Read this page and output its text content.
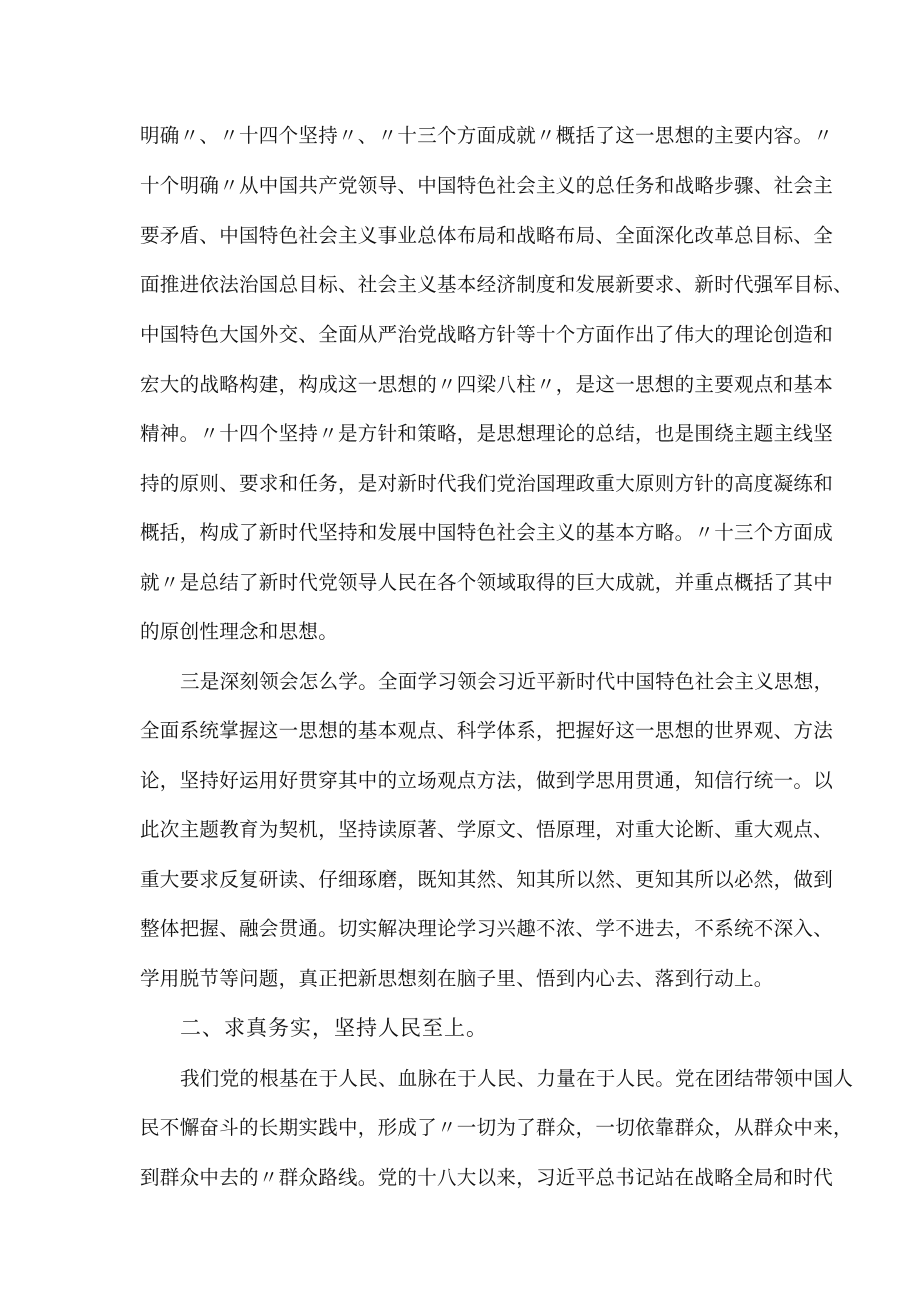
明确〃、〃十四个坚持〃、〃十三个方面成就〃概括了这一思想的主要内容。〃
十个明确〃从中国共产党领导、中国特色社会主义的总任务和战略步骤、社会主
要矛盾、中国特色社会主义事业总体布局和战略布局、全面深化改革总目标、全
面推进依法治国总目标、社会主义基本经济制度和发展新要求、新时代强军目标、
中国特色大国外交、全面从严治党战略方针等十个方面作出了伟大的理论创造和
宏大的战略构建，构成这一思想的〃四梁八柱〃，是这一思想的主要观点和基本
精神。〃十四个坚持〃是方针和策略，是思想理论的总结，也是围绕主题主线坚
持的原则、要求和任务，是对新时代我们党治国理政重大原则方针的高度凝练和
概括，构成了新时代坚持和发展中国特色社会主义的基本方略。〃十三个方面成
就〃是总结了新时代党领导人民在各个领域取得的巨大成就，并重点概括了其中
的原创性理念和思想。
三是深刻领会怎么学。全面学习领会习近平新时代中国特色社会主义思想，
全面系统掌握这一思想的基本观点、科学体系，把握好这一思想的世界观、方法
论，坚持好运用好贯穿其中的立场观点方法，做到学思用贯通，知信行统一。以
此次主题教育为契机，坚持读原著、学原文、悟原理，对重大论断、重大观点、
重大要求反复研读、仔细琢磨，既知其然、知其所以然、更知其所以必然，做到
整体把握、融会贯通。切实解决理论学习兴趣不浓、学不进去，不系统不深入、
学用脱节等问题，真正把新思想刻在脑子里、悟到内心去、落到行动上。
二、求真务实，坚持人民至上。
我们党的根基在于人民、血脉在于人民、力量在于人民。党在团结带领中国人
民不懈奋斗的长期实践中，形成了〃一切为了群众，一切依靠群众，从群众中来，
到群众中去的〃群众路线。党的十八大以来，习近平总书记站在战略全局和时代
